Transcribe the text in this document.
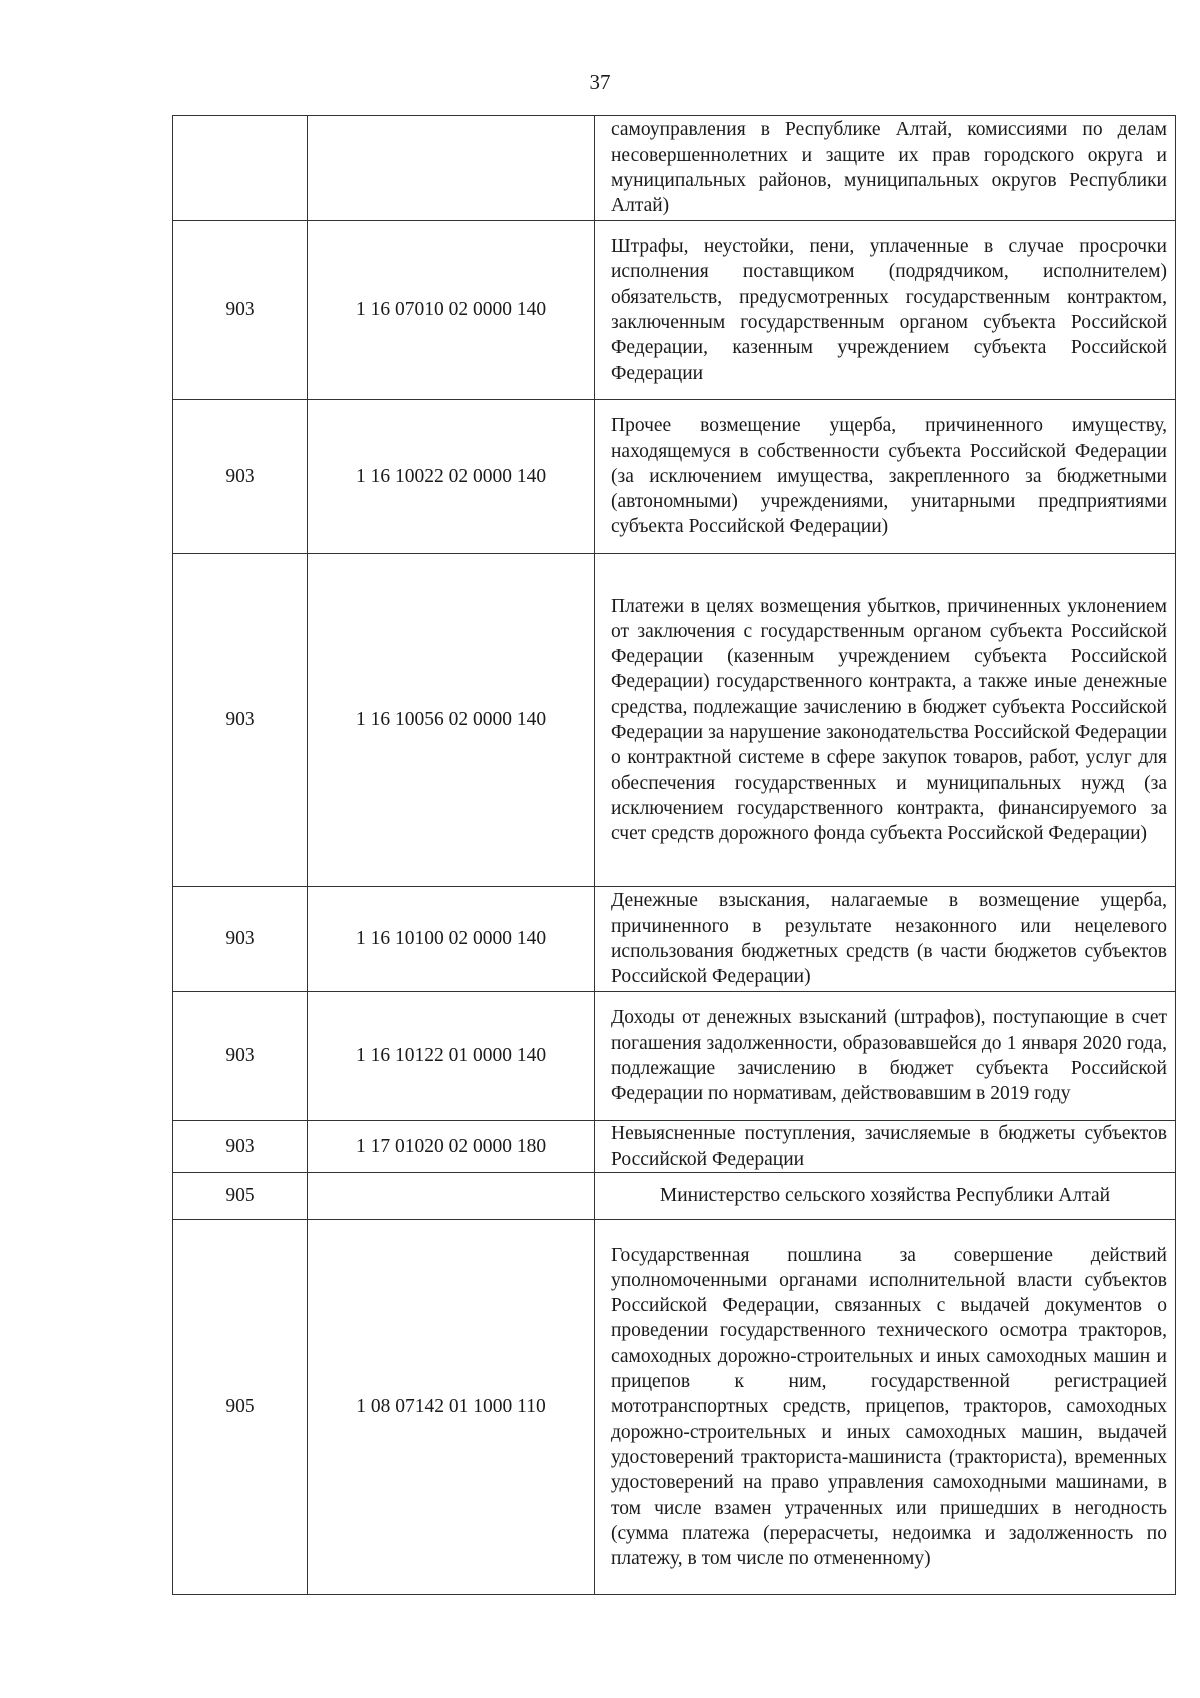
37
		самоуправления в Республике Алтай, комиссиями по делам несовершеннолетних и защите их прав городского округа и муниципальных районов, муниципальных округов Республики Алтай)
903	1 16 07010 02 0000 140	Штрафы, неустойки, пени, уплаченные в случае просрочки исполнения поставщиком (подрядчиком, исполнителем) обязательств, предусмотренных государственным контрактом, заключенным государственным органом субъекта Российской Федерации, казенным учреждением субъекта Российской Федерации
903	1 16 10022 02 0000 140	Прочее возмещение ущерба, причиненного имуществу, находящемуся в собственности субъекта Российской Федерации (за исключением имущества, закрепленного за бюджетными (автономными) учреждениями, унитарными предприятиями субъекта Российской Федерации)
903	1 16 10056 02 0000 140	Платежи в целях возмещения убытков, причиненных уклонением от заключения с государственным органом субъекта Российской Федерации (казенным учреждением субъекта Российской Федерации) государственного контракта, а также иные денежные средства, подлежащие зачислению в бюджет субъекта Российской Федерации за нарушение законодательства Российской Федерации о контрактной системе в сфере закупок товаров, работ, услуг для обеспечения государственных и муниципальных нужд (за исключением государственного контракта, финансируемого за счет средств дорожного фонда субъекта Российской Федерации)
903	1 16 10100 02 0000 140	Денежные взыскания, налагаемые в возмещение ущерба, причиненного в результате незаконного или нецелевого использования бюджетных средств (в части бюджетов субъектов Российской Федерации)
903	1 16 10122 01 0000 140	Доходы от денежных взысканий (штрафов), поступающие в счет погашения задолженности, образовавшейся до 1 января 2020 года, подлежащие зачислению в бюджет субъекта Российской Федерации по нормативам, действовавшим в 2019 году
903	1 17 01020 02 0000 180	Невыясненные поступления, зачисляемые в бюджеты субъектов Российской Федерации
905		Министерство сельского хозяйства Республики Алтай
905	1 08 07142 01 1000 110	Государственная пошлина за совершение действий уполномоченными органами исполнительной власти субъектов Российской Федерации, связанных с выдачей документов о проведении государственного технического осмотра тракторов, самоходных дорожно-строительных и иных самоходных машин и прицепов к ним, государственной регистрацией мототранспортных средств, прицепов, тракторов, самоходных дорожно-строительных и иных самоходных машин, выдачей удостоверений тракториста-машиниста (тракториста), временных удостоверений на право управления самоходными машинами, в том числе взамен утраченных или пришедших в негодность (сумма платежа (перерасчеты, недоимка и задолженность по платежу, в том числе по отмененному)
